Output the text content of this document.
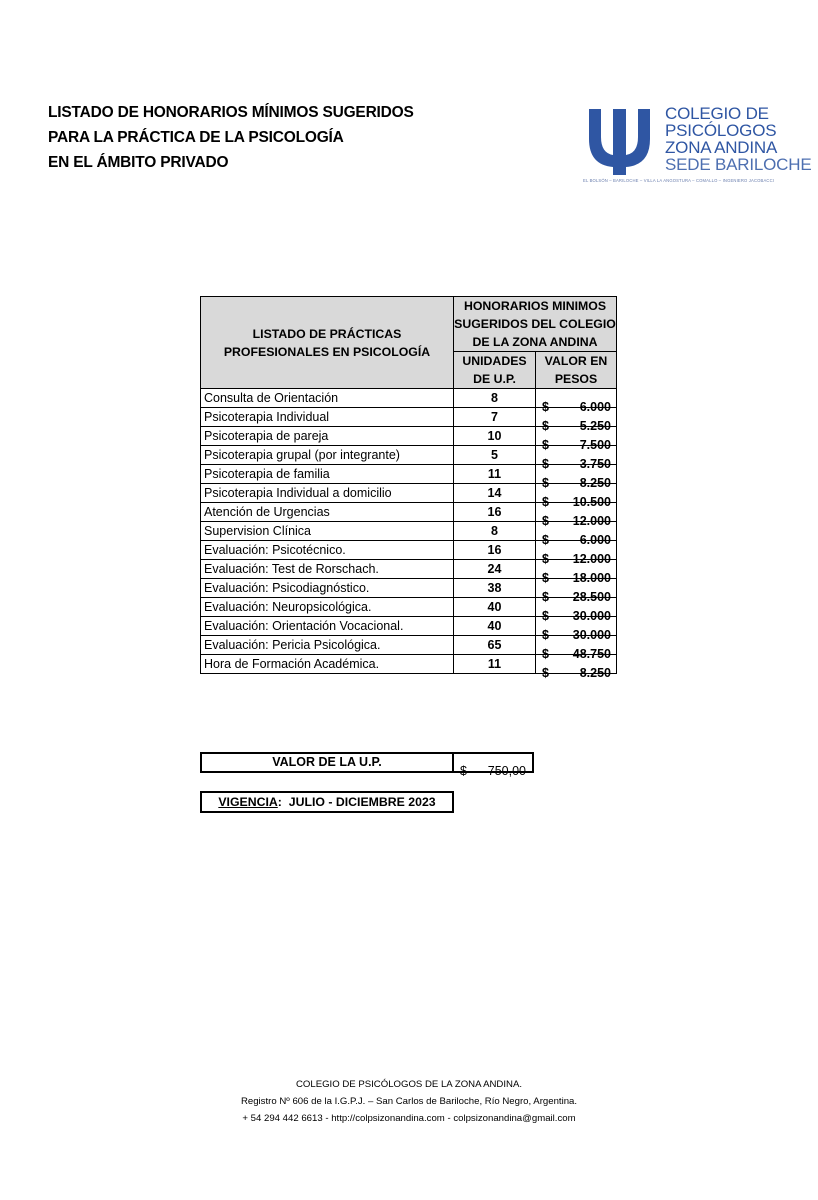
LISTADO DE HONORARIOS MÍNIMOS SUGERIDOS
PARA LA PRÁCTICA DE LA PSICOLOGÍA
EN EL ÁMBITO PRIVADO
COLEGIO DE
PSICÓLOGOS
ZONA ANDINA
SEDE BARILOCHE
EL BOLSÓN – BARILOCHE – VILLA LA ANGOSTURA – COMALLO – INGENIERO JACOBACCI
LISTADO DE PRÁCTICAS PROFESIONALES EN PSICOLOGÍA	HONORARIOS MINIMOS SUGERIDOS DEL COLEGIO DE LA ZONA ANDINA	
	UNIDADES DE U.P.	VALOR EN PESOS
Consulta de Orientación	8	$ 6.000

Psicoterapia Individual	7	$ 5.250

Psicoterapia de pareja	10	$ 7.500

Psicoterapia grupal (por integrante)	5	$ 3.750

Psicoterapia de familia	11	$ 8.250

Psicoterapia Individual a domicilio	14	$ 10.500

Atención de Urgencias	16	$ 12.000

Supervision Clínica	8	$ 6.000

Evaluación: Psicotécnico.	16	$ 12.000

Evaluación: Test de Rorschach.	24	$ 18.000

Evaluación: Psicodiagnóstico.	38	$ 28.500

Evaluación: Neuropsicológica.	40	$ 30.000

Evaluación: Orientación Vocacional.	40	$ 30.000

Evaluación: Pericia Psicológica.	65	$ 48.750

Hora de Formación Académica.	11	$ 8.250
VALOR DE LA U.P.	
$ 750,00
VIGENCIA: JULIO - DICIEMBRE 2023
COLEGIO DE PSICÓLOGOS DE LA ZONA ANDINA.
Registro Nº 606 de la I.G.P.J. – San Carlos de Bariloche, Río Negro, Argentina.
+ 54 294 442 6613 - http://colpsizonandina.com - colpsizonandina@gmail.com
